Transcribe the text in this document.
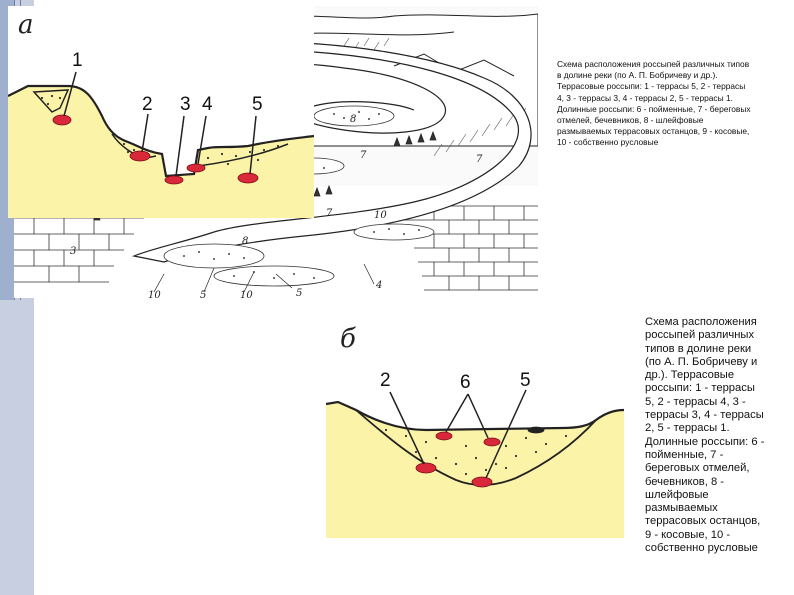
8
7
7
7	10
8
3
10	5	10	5
4
Схема расположения россыпей различных типов
в долине реки (по А. П. Бобричеву и др.).
Террасовые россыпи: 1 - террасы 5, 2 - террасы
4, 3 - террасы 3, 4 - террасы 2, 5 - террасы 1.
Долинные россыпи: 6 - пойменные, 7 - береговых
отмелей, бечевников, 8 - шлейфовые
размываемых террасовых останцов, 9 - косовые,
10 - собственно русловые
а
1
2 3 4 5
б
2	6	5
Схема расположения
россыпей различных
типов в долине реки
(по А. П. Бобричеву и
др.). Террасовые
россыпи: 1 - террасы
5, 2 - террасы 4, 3 -
террасы 3, 4 - террасы
2, 5 - террасы 1.
Долинные россыпи: 6 -
пойменные, 7 -
береговых отмелей,
бечевников, 8 -
шлейфовые
размываемых
террасовых останцов,
9 - косовые, 10 -
собственно русловые
